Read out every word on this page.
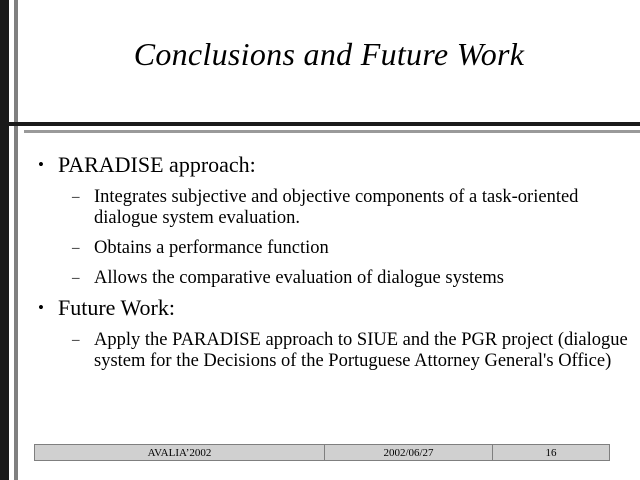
Conclusions and Future Work
• PARADISE approach:
– Integrates subjective and objective components of a task-oriented dialogue system evaluation.
– Obtains a performance function
– Allows the comparative evaluation of dialogue systems
• Future Work:
– Apply the PARADISE approach to SIUE and the PGR project (dialogue system for the Decisions of the Portuguese Attorney General's Office)
AVALIA’2002	2002/06/27	16
